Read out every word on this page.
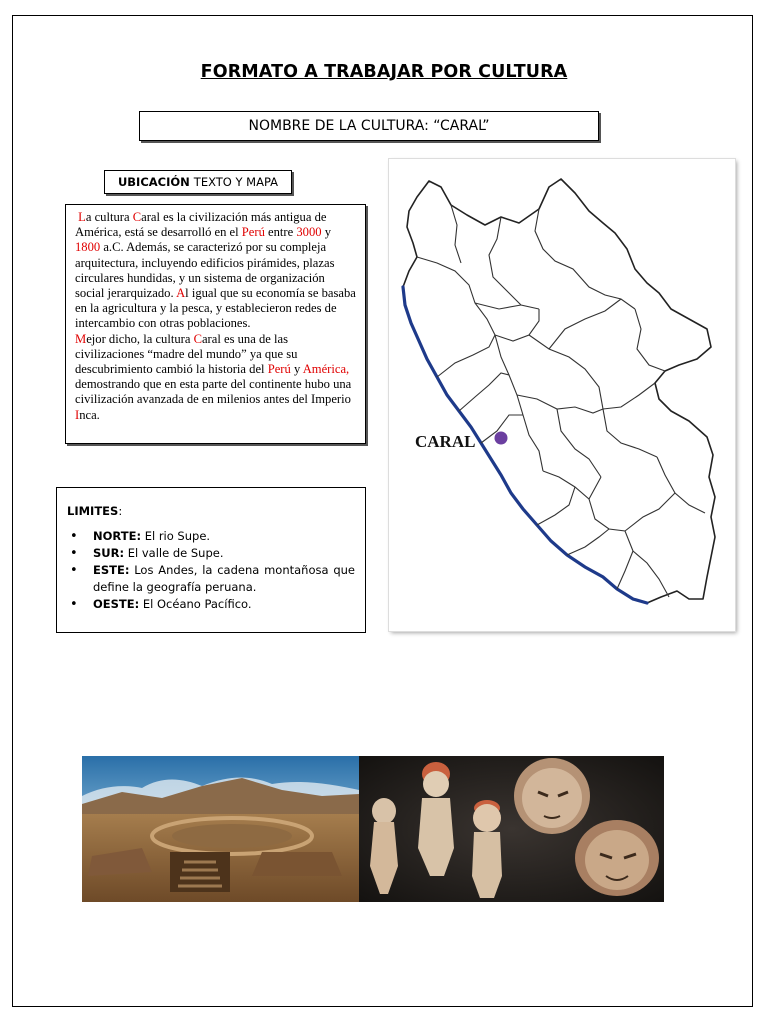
FORMATO A TRABAJAR POR CULTURA
NOMBRE DE LA CULTURA: “CARAL”
UBICACIÓN TEXTO Y MAPA
La cultura Caral es la civilización más antigua de América, está se desarrolló en el Perú entre 3000 y 1800 a.C. Además, se caracterizó por su compleja arquitectura, incluyendo edificios pirámides, plazas circulares hundidas, y un sistema de organización social jerarquizado. Al igual que su economía se basaba en la agricultura y la pesca, y establecieron redes de intercambio con otras poblaciones.
Mejor dicho, la cultura Caral es una de las civilizaciones “madre del mundo” ya que su descubrimiento cambió la historia del Perú y América, demostrando que en esta parte del continente hubo una civilización avanzada de en milenios antes del Imperio Inca.
LIMITES:
• NORTE: El rio Supe.
• SUR: El valle de Supe.
• ESTE: Los Andes, la cadena montañosa que define la geografía peruana.
• OESTE: El Océano Pacífico.
CARAL
